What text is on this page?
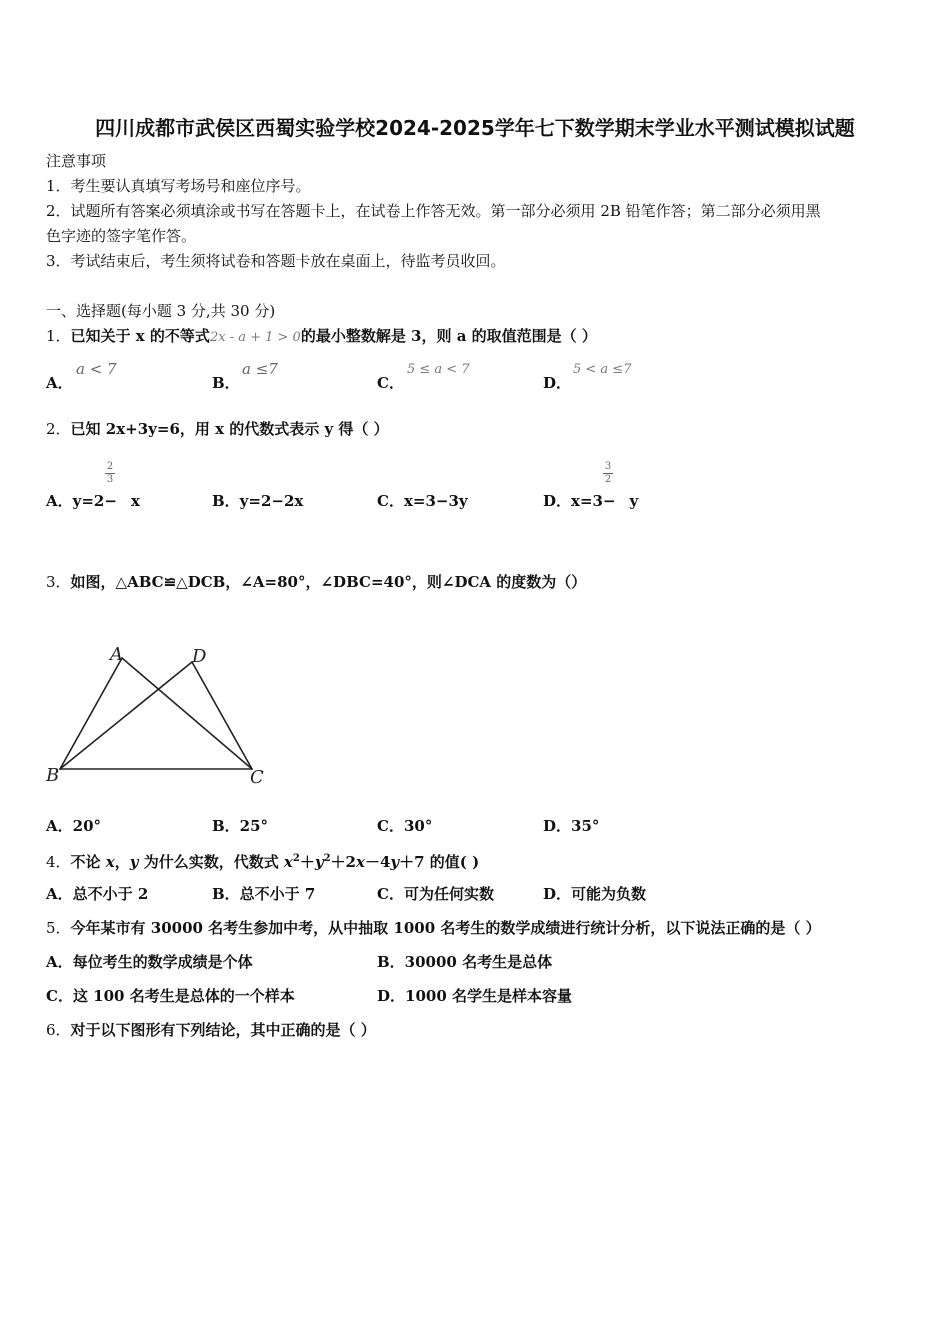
四川成都市武侯区西蜀实验学校2024-2025学年七下数学期末学业水平测试模拟试题
注意事项
1．考生要认真填写考场号和座位序号。
2．试题所有答案必须填涂或书写在答题卡上，在试卷上作答无效。第一部分必须用 2B 铅笔作答；第二部分必须用黑
色字迹的签字笔作答。
3．考试结束后，考生须将试卷和答题卡放在桌面上，待监考员收回。
一、选择题(每小题 3 分,共 30 分)
1．已知关于 x 的不等式2x - a + 1 > 0的最小整数解是 3，则 a 的取值范围是（ ）
A．
a < 7
B．
a ≤7
C．
5 ≤ a < 7
D．
5 < a ≤7
2．已知 2x+3y=6，用 x 的代数式表示 y 得（ ）
A．y=2− x
2
3
B．y=2−2x	C．x=3−3y	D．x=3− y
3
2
3．如图，△ABC≌△DCB，∠A=80°，∠DBC=40°，则∠DCA 的度数为（）
A	D
B	C
A．20°	B．25°	C．30°	D．35°
4．不论 x，y 为什么实数，代数式 $x^2+y^2+2x-4y+7$ 的值( )
A．总不小于 2	B．总不小于 7	C．可为任何实数	D．可能为负数
5．今年某市有 30000 名考生参加中考，从中抽取 1000 名考生的数学成绩进行统计分析，以下说法正确的是（ ）
A．每位考生的数学成绩是个体	B．30000 名考生是总体
C．这 100 名考生是总体的一个样本	D．1000 名学生是样本容量
6．对于以下图形有下列结论，其中正确的是（ ）
